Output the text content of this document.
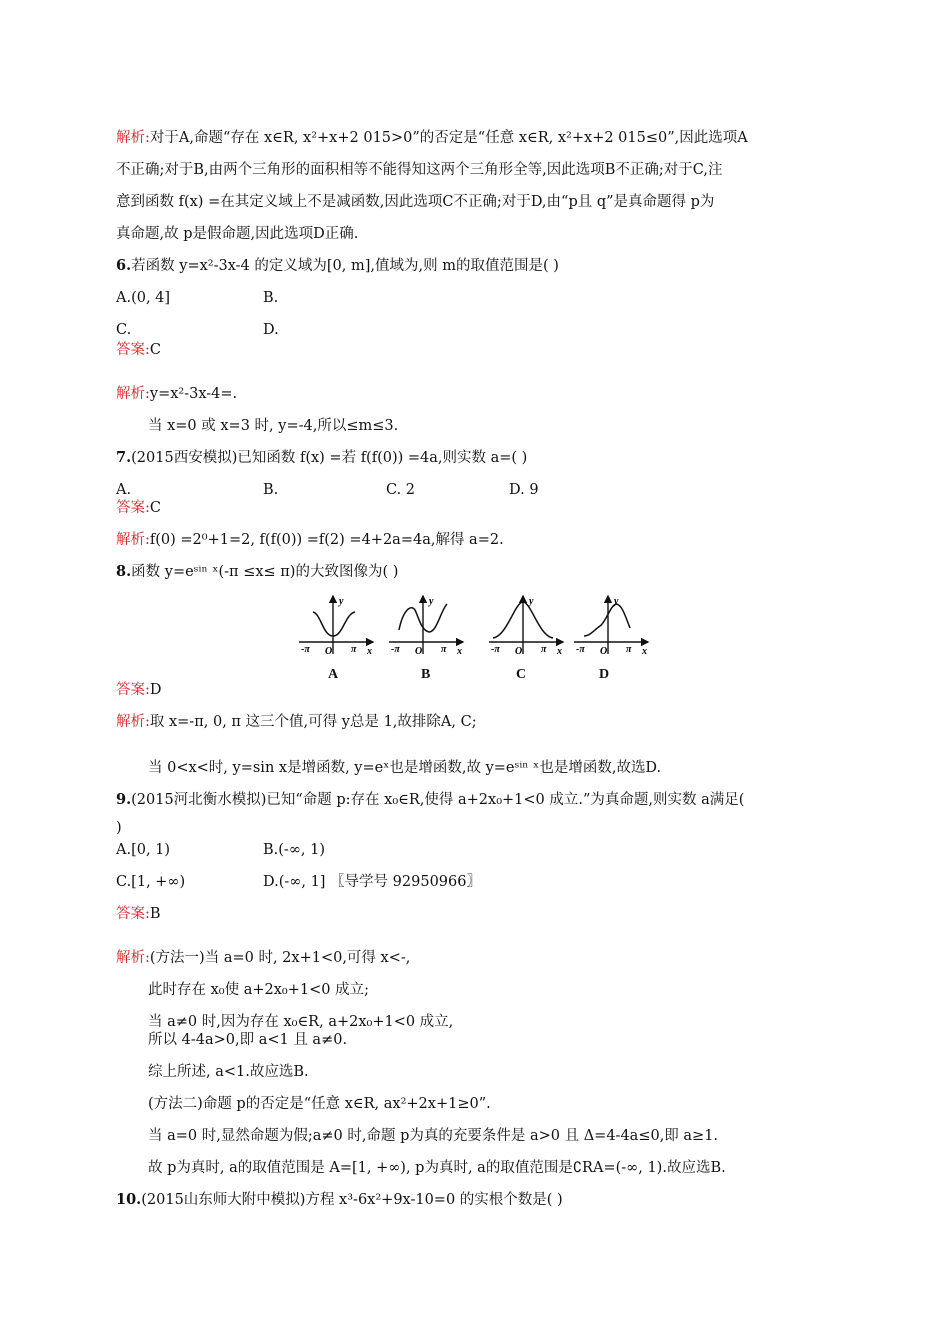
解析:对于A,命题“存在 x∈R, x²+x+2 015>0”的否定是“任意 x∈R, x²+x+2 015≤0”,因此选项A
不正确;对于B,由两个三角形的面积相等不能得知这两个三角形全等,因此选项B不正确;对于C,注
意到函数 f(x) =在其定义域上不是减函数,因此选项C不正确;对于D,由“p且 q”是真命题得 p为
真命题,故 p是假命题,因此选项D正确.
6.若函数 y=x²-3x-4 的定义域为[0, m],值域为,则 m的取值范围是( )
A.(0, 4]	B.
C.	D.
答案:C
解析:y=x²-3x-4=.
当 x=0 或 x=3 时, y=-4,所以≤m≤3.
7.(2015西安模拟)已知函数 f(x) =若 f(f(0)) =4a,则实数 a=( )
A.	B.	C. 2	D. 9
答案:C
解析:f(0) =2⁰+1=2, f(f(0)) =f(2) =4+2a=4a,解得 a=2.
8.函数 y=eˢⁱⁿ ˣ(-π ≤x≤ π)的大致图像为( )
y
x
O
-π	π
y
x
O
-π	π
y
x
O
-π	π
y
x
O
-π	π
A	B	C	D
答案:D
解析:取 x=-π, 0, π 这三个值,可得 y总是 1,故排除A, C;
当 0<x<时, y=sin x是增函数, y=eˣ也是增函数,故 y=eˢⁱⁿ ˣ也是增函数,故选D.
9.(2015河北衡水模拟)已知“命题 p:存在 x₀∈R,使得 a+2x₀+1<0 成立.”为真命题,则实数 a满足(
)
A.[0, 1)	B.(-∞, 1)
C.[1, +∞)	D.(-∞, 1] 〖导学号 92950966〗
答案:B
解析:(方法一)当 a=0 时, 2x+1<0,可得 x<-,
此时存在 x₀使 a+2x₀+1<0 成立;
当 a≠0 时,因为存在 x₀∈R, a+2x₀+1<0 成立,
所以 4-4a>0,即 a<1 且 a≠0.
综上所述, a<1.故应选B.
(方法二)命题 p的否定是“任意 x∈R, ax²+2x+1≥0”.
当 a=0 时,显然命题为假;a≠0 时,命题 p为真的充要条件是 a>0 且 Δ=4-4a≤0,即 a≥1.
故 p为真时, a的取值范围是 A=[1, +∞), p为真时, a的取值范围是∁RA=(-∞, 1).故应选B.
10.(2015山东师大附中模拟)方程 x³-6x²+9x-10=0 的实根个数是( )
